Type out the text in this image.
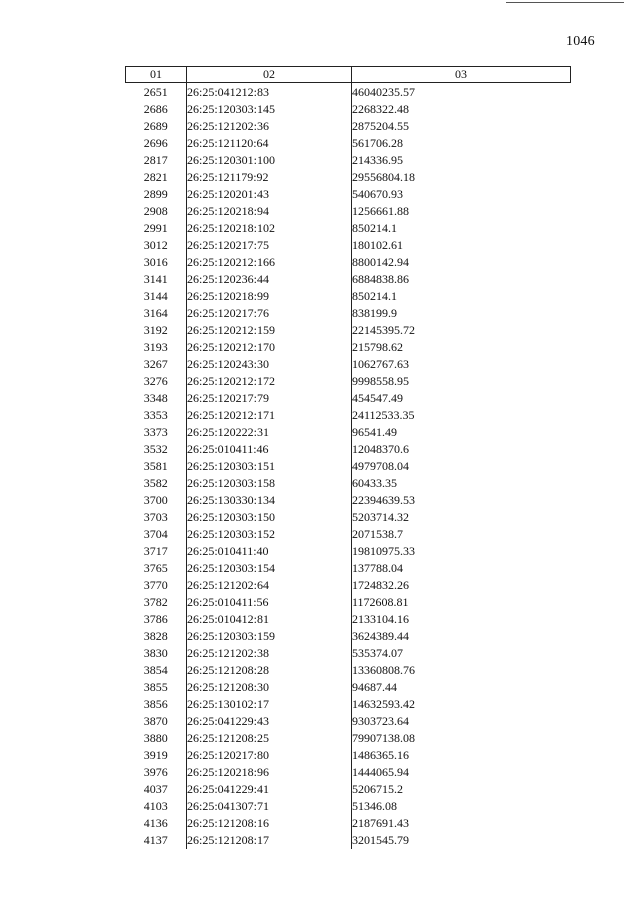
1046
01	02	03
2651	26:25:041212:83	46040235.57
2686	26:25:120303:145	2268322.48
2689	26:25:121202:36	2875204.55
2696	26:25:121120:64	561706.28
2817	26:25:120301:100	214336.95
2821	26:25:121179:92	29556804.18
2899	26:25:120201:43	540670.93
2908	26:25:120218:94	1256661.88
2991	26:25:120218:102	850214.1
3012	26:25:120217:75	180102.61
3016	26:25:120212:166	8800142.94
3141	26:25:120236:44	6884838.86
3144	26:25:120218:99	850214.1
3164	26:25:120217:76	838199.9
3192	26:25:120212:159	22145395.72
3193	26:25:120212:170	215798.62
3267	26:25:120243:30	1062767.63
3276	26:25:120212:172	9998558.95
3348	26:25:120217:79	454547.49
3353	26:25:120212:171	24112533.35
3373	26:25:120222:31	96541.49
3532	26:25:010411:46	12048370.6
3581	26:25:120303:151	4979708.04
3582	26:25:120303:158	60433.35
3700	26:25:130330:134	22394639.53
3703	26:25:120303:150	5203714.32
3704	26:25:120303:152	2071538.7
3717	26:25:010411:40	19810975.33
3765	26:25:120303:154	137788.04
3770	26:25:121202:64	1724832.26
3782	26:25:010411:56	1172608.81
3786	26:25:010412:81	2133104.16
3828	26:25:120303:159	3624389.44
3830	26:25:121202:38	535374.07
3854	26:25:121208:28	13360808.76
3855	26:25:121208:30	94687.44
3856	26:25:130102:17	14632593.42
3870	26:25:041229:43	9303723.64
3880	26:25:121208:25	79907138.08
3919	26:25:120217:80	1486365.16
3976	26:25:120218:96	1444065.94
4037	26:25:041229:41	5206715.2
4103	26:25:041307:71	51346.08
4136	26:25:121208:16	2187691.43
4137	26:25:121208:17	3201545.79
